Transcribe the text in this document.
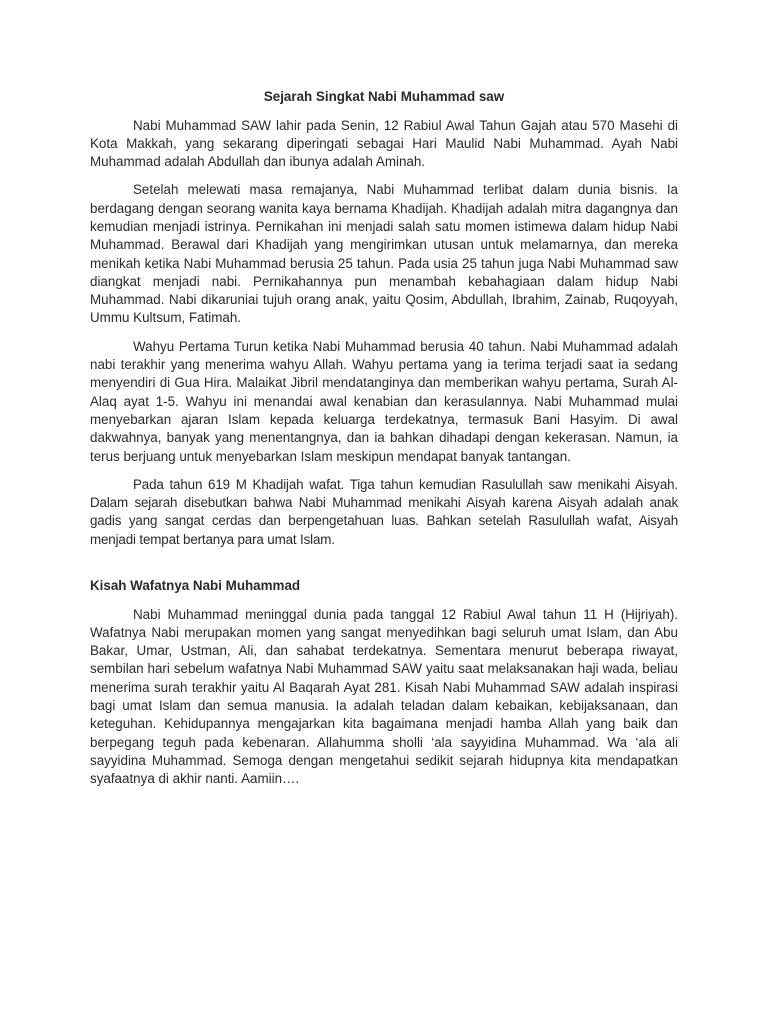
Sejarah Singkat Nabi Muhammad saw

Nabi Muhammad SAW lahir pada Senin, 12 Rabiul Awal Tahun Gajah atau 570 Masehi di Kota Makkah, yang sekarang diperingati sebagai Hari Maulid Nabi Muhammad. Ayah Nabi Muhammad adalah Abdullah dan ibunya adalah Aminah.

Setelah melewati masa remajanya, Nabi Muhammad terlibat dalam dunia bisnis. Ia berdagang dengan seorang wanita kaya bernama Khadijah. Khadijah adalah mitra dagangnya dan kemudian menjadi istrinya. Pernikahan ini menjadi salah satu momen istimewa dalam hidup Nabi Muhammad. Berawal dari Khadijah yang mengirimkan utusan untuk melamarnya, dan mereka menikah ketika Nabi Muhammad berusia 25 tahun. Pada usia 25 tahun juga Nabi Muhammad saw diangkat menjadi nabi. Pernikahannya pun menambah kebahagiaan dalam hidup Nabi Muhammad. Nabi dikaruniai tujuh orang anak, yaitu Qosim, Abdullah, Ibrahim, Zainab, Ruqoyyah, Ummu Kultsum, Fatimah.

Wahyu Pertama Turun ketika Nabi Muhammad berusia 40 tahun. Nabi Muhammad adalah nabi terakhir yang menerima wahyu Allah. Wahyu pertama yang ia terima terjadi saat ia sedang menyendiri di Gua Hira. Malaikat Jibril mendatanginya dan memberikan wahyu pertama, Surah Al-Alaq ayat 1-5. Wahyu ini menandai awal kenabian dan kerasulannya. Nabi Muhammad mulai menyebarkan ajaran Islam kepada keluarga terdekatnya, termasuk Bani Hasyim. Di awal dakwahnya, banyak yang menentangnya, dan ia bahkan dihadapi dengan kekerasan. Namun, ia terus berjuang untuk menyebarkan Islam meskipun mendapat banyak tantangan.

Pada tahun 619 M Khadijah wafat. Tiga tahun kemudian Rasulullah saw menikahi Aisyah. Dalam sejarah disebutkan bahwa Nabi Muhammad menikahi Aisyah karena Aisyah adalah anak gadis yang sangat cerdas dan berpengetahuan luas. Bahkan setelah Rasulullah wafat, Aisyah menjadi tempat bertanya para umat Islam.

Kisah Wafatnya Nabi Muhammad

Nabi Muhammad meninggal dunia pada tanggal 12 Rabiul Awal tahun 11 H (Hijriyah). Wafatnya Nabi merupakan momen yang sangat menyedihkan bagi seluruh umat Islam, dan Abu Bakar, Umar, Ustman, Ali, dan sahabat terdekatnya. Sementara menurut beberapa riwayat, sembilan hari sebelum wafatnya Nabi Muhammad SAW yaitu saat melaksanakan haji wada, beliau menerima surah terakhir yaitu Al Baqarah Ayat 281. Kisah Nabi Muhammad SAW adalah inspirasi bagi umat Islam dan semua manusia. Ia adalah teladan dalam kebaikan, kebijaksanaan, dan keteguhan. Kehidupannya mengajarkan kita bagaimana menjadi hamba Allah yang baik dan berpegang teguh pada kebenaran. Allahumma sholli ‘ala sayyidina Muhammad. Wa ‘ala ali sayyidina Muhammad. Semoga dengan mengetahui sedikit sejarah hidupnya kita mendapatkan syafaatnya di akhir nanti. Aamiin….
